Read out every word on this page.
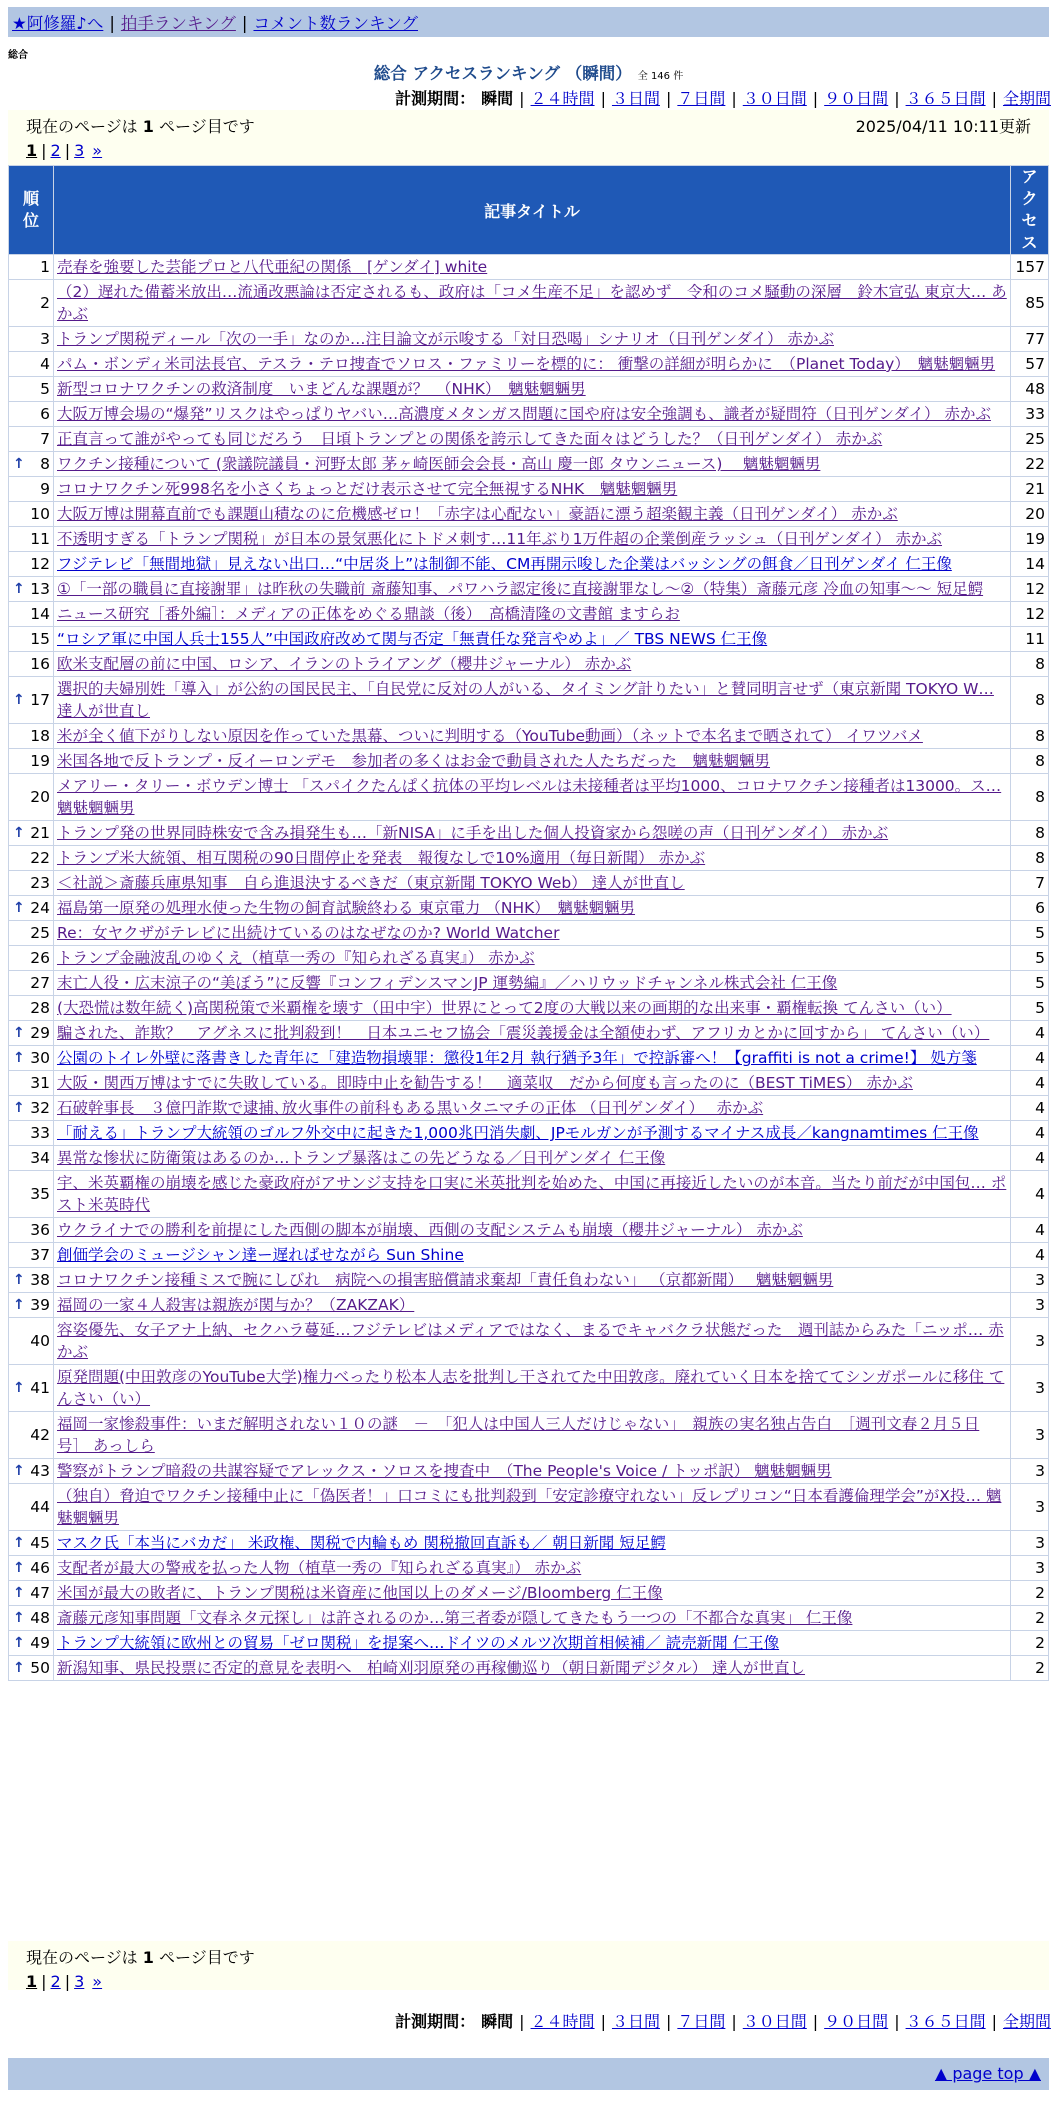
★阿修羅♪へ | 拍手ランキング | コメント数ランキング
総合
総合 アクセスランキング （瞬間） 全 146 件
計測期間： 瞬間 | ２４時間 | ３日間 | ７日間 | ３０日間 | ９０日間 | ３６５日間 | 全期間
現在のページは 1 ページ目です	2025/04/11 10:11更新
1 | 2 | 3 »
順位	記事タイトル	アクセス
1	売春を強要した芸能プロと八代亜紀の関係　[ゲンダイ] white	157
2	（2）遅れた備蓄米放出…流通改悪論は否定されるも、政府は「コメ生産不足」を認めず　令和のコメ騒動の深層　鈴木宣弘 東京大… あかぶ	85
3	トランプ関税ディール「次の一手」なのか…注目論文が示唆する「対日恐喝」シナリオ（日刊ゲンダイ） 赤かぶ	77
4	パム・ボンディ米司法長官、テスラ・テロ捜査でソロス・ファミリーを標的に： 衝撃の詳細が明らかに　（Planet Today）　魑魅魍魎男	57
5	新型コロナワクチンの救済制度　いまどんな課題が？　（NHK）　魑魅魍魎男	48
6	大阪万博会場の“爆発”リスクはやっぱりヤバい…高濃度メタンガス問題に国や府は安全強調も、識者が疑問符（日刊ゲンダイ） 赤かぶ	33
7	正直言って誰がやっても同じだろう　日頃トランプとの関係を誇示してきた面々はどうした？（日刊ゲンダイ） 赤かぶ	25

↑ 8	ワクチン接種について (衆議院議員・河野太郎 茅ヶ崎医師会会長・高山 慶一郎 タウンニュース)　 魑魅魍魎男	22
9	コロナワクチン死998名を小さくちょっとだけ表示させて完全無視するNHK　魑魅魍魎男	21
10	大阪万博は開幕直前でも課題山積なのに危機感ゼロ！「赤字は心配ない」豪語に漂う超楽観主義（日刊ゲンダイ） 赤かぶ	20
11	不透明すぎる「トランプ関税」が日本の景気悪化にトドメ刺す…11年ぶり1万件超の企業倒産ラッシュ（日刊ゲンダイ） 赤かぶ	19
12	フジテレビ「無間地獄」見えない出口…“中居炎上”は制御不能、CM再開示唆した企業はバッシングの餌食／日刊ゲンダイ 仁王像	14

↑ 13	①「一部の職員に直接謝罪」は昨秋の失職前 斎藤知事、パワハラ認定後に直接謝罪なし～②（特集）斎藤元彦 冷血の知事～～ 短足鰐	12
14	ニュース研究［番外編］：メディアの正体をめぐる鼎談（後）　高橋清隆の文書館 ますらお	12
15	“ロシア軍に中国人兵士155人”中国政府改めて関与否定「無責任な発言やめよ」／ TBS NEWS 仁王像	11
16	欧米支配層の前に中国、ロシア、イランのトライアング（櫻井ジャーナル） 赤かぶ	8

↑ 17	選択的夫婦別姓「導入」が公約の国民民主、「自民党に反対の人がいる、タイミング計りたい」と賛同明言せず（東京新聞 TOKYO W… 達人が世直し	8
18	米が全く値下がりしない原因を作っていた黒幕、ついに判明する（YouTube動画）（ネットで本名まで晒されて） イワツバメ	8
19	米国各地で反トランプ・反イーロンデモ　参加者の多くはお金で動員された人たちだった　魑魅魍魎男	8
20	メアリー・タリー・ボウデン博士 「スパイクたんぱく抗体の平均レベルは未接種者は平均1000、コロナワクチン接種者は13000。ス… 魑魅魍魎男	8

↑ 21	トランプ発の世界同時株安で含み損発生も…「新NISA」に手を出した個人投資家から怨嗟の声（日刊ゲンダイ） 赤かぶ	8
22	トランプ米大統領、相互関税の90日間停止を発表　報復なしで10%適用（毎日新聞） 赤かぶ	8
23	＜社説＞斎藤兵庫県知事　自ら進退決するべきだ（東京新聞 TOKYO Web） 達人が世直し	7

↑ 24	福島第一原発の処理水使った生物の飼育試験終わる 東京電力 （NHK）　魑魅魍魎男	6
25	Re：女ヤクザがテレビに出続けているのはなぜなのか? World Watcher	5
26	トランプ金融波乱のゆくえ（植草一秀の『知られざる真実』） 赤かぶ	5
27	末亡人役・広末涼子の“美ぼう”に反響『コンフィデンスマンJP 運勢編』／ハリウッドチャンネル株式会社 仁王像	5
28	(大恐慌は数年続く)高関税策で米覇権を壊す（田中宇）世界にとって2度の大戦以来の画期的な出来事・覇権転換 てんさい（い）	5

↑ 29	騙された、詐欺？　アグネスに批判殺到！　日本ユニセフ協会「震災義援金は全額使わず、アフリカとかに回すから」 てんさい（い）	4

↑ 30	公園のトイレ外壁に落書きした青年に「建造物損壊罪：懲役1年2月 執行猶予3年」で控訴審へ！【graffiti is not a crime!】 処方箋	4
31	大阪・関西万博はすでに失敗している。即時中止を勧告する！　適菜収　だから何度も言ったのに（BEST TiMES） 赤かぶ	4

↑ 32	石破幹事長　３億円詐欺で逮捕､放火事件の前科もある黒いタニマチの正体 （日刊ゲンダイ）　 赤かぶ	4
33	「耐える」トランプ大統領のゴルフ外交中に起きた1,000兆円消失劇、JPモルガンが予測するマイナス成長／kangnamtimes 仁王像	4
34	異常な惨状に防衛策はあるのか…トランプ暴落はこの先どうなる／日刊ゲンダイ 仁王像	4
35	宇、米英覇権の崩壊を感じた豪政府がアサンジ支持を口実に米英批判を始めた、中国に再接近したいのが本音。当たり前だが中国包… ポスト米英時代	4
36	ウクライナでの勝利を前提にした西側の脚本が崩壊、西側の支配システムも崩壊（櫻井ジャーナル） 赤かぶ	4
37	創価学会のミュージシャン達ー遅ればせながら Sun Shine	4

↑ 38	コロナワクチン接種ミスで腕にしびれ　病院への損害賠償請求棄却「責任負わない」 （京都新聞）　 魑魅魍魎男	3

↑ 39	福岡の一家４人殺害は親族が関与か？（ZAKZAK）	3
40	容姿優先、女子アナ上納、セクハラ蔓延…フジテレビはメディアではなく、まるでキャバクラ状態だった　週刊誌からみた「ニッポ… 赤かぶ	3

↑ 41	原発問題(中田敦彦のYouTube大学)権力べったり松本人志を批判し干されてた中田敦彦。廃れていく日本を捨ててシンガポールに移住 てんさい（い）	3
42	福岡一家惨殺事件：いまだ解明されない１０の謎　－　「犯人は中国人三人だけじゃない」　親族の実名独占告白　［週刊文春２月５日号］ あっしら	3

↑ 43	警察がトランプ暗殺の共謀容疑でアレックス・ソロスを捜査中　（The People's Voice / トッポ訳） 魑魅魍魎男	3
44	（独自）脅迫でワクチン接種中止に「偽医者！」口コミにも批判殺到「安定診療守れない」反レプリコン“日本看護倫理学会”がX投… 魑魅魍魎男	3

↑ 45	マスク氏「本当にバカだ」 米政権、関税で内輪もめ 関税撤回直訴も／ 朝日新聞 短足鰐	3

↑ 46	支配者が最大の警戒を払った人物（植草一秀の『知られざる真実』） 赤かぶ	3

↑ 47	米国が最大の敗者に、トランプ関税は米資産に他国以上のダメージ/Bloomberg 仁王像	2

↑ 48	斎藤元彦知事問題「文春ネタ元探し」は許されるのか…第三者委が隠してきたもう一つの「不都合な真実」 仁王像	2

↑ 49	トランプ大統領に欧州との貿易「ゼロ関税」を提案へ…ドイツのメルツ次期首相候補／ 読売新聞 仁王像	2

↑ 50	新潟知事、県民投票に否定的意見を表明へ　柏崎刈羽原発の再稼働巡り（朝日新聞デジタル） 達人が世直し	2
現在のページは 1 ページ目です
1 | 2 | 3 »
計測期間： 瞬間 | ２４時間 | ３日間 | ７日間 | ３０日間 | ９０日間 | ３６５日間 | 全期間
▲ page top ▲
